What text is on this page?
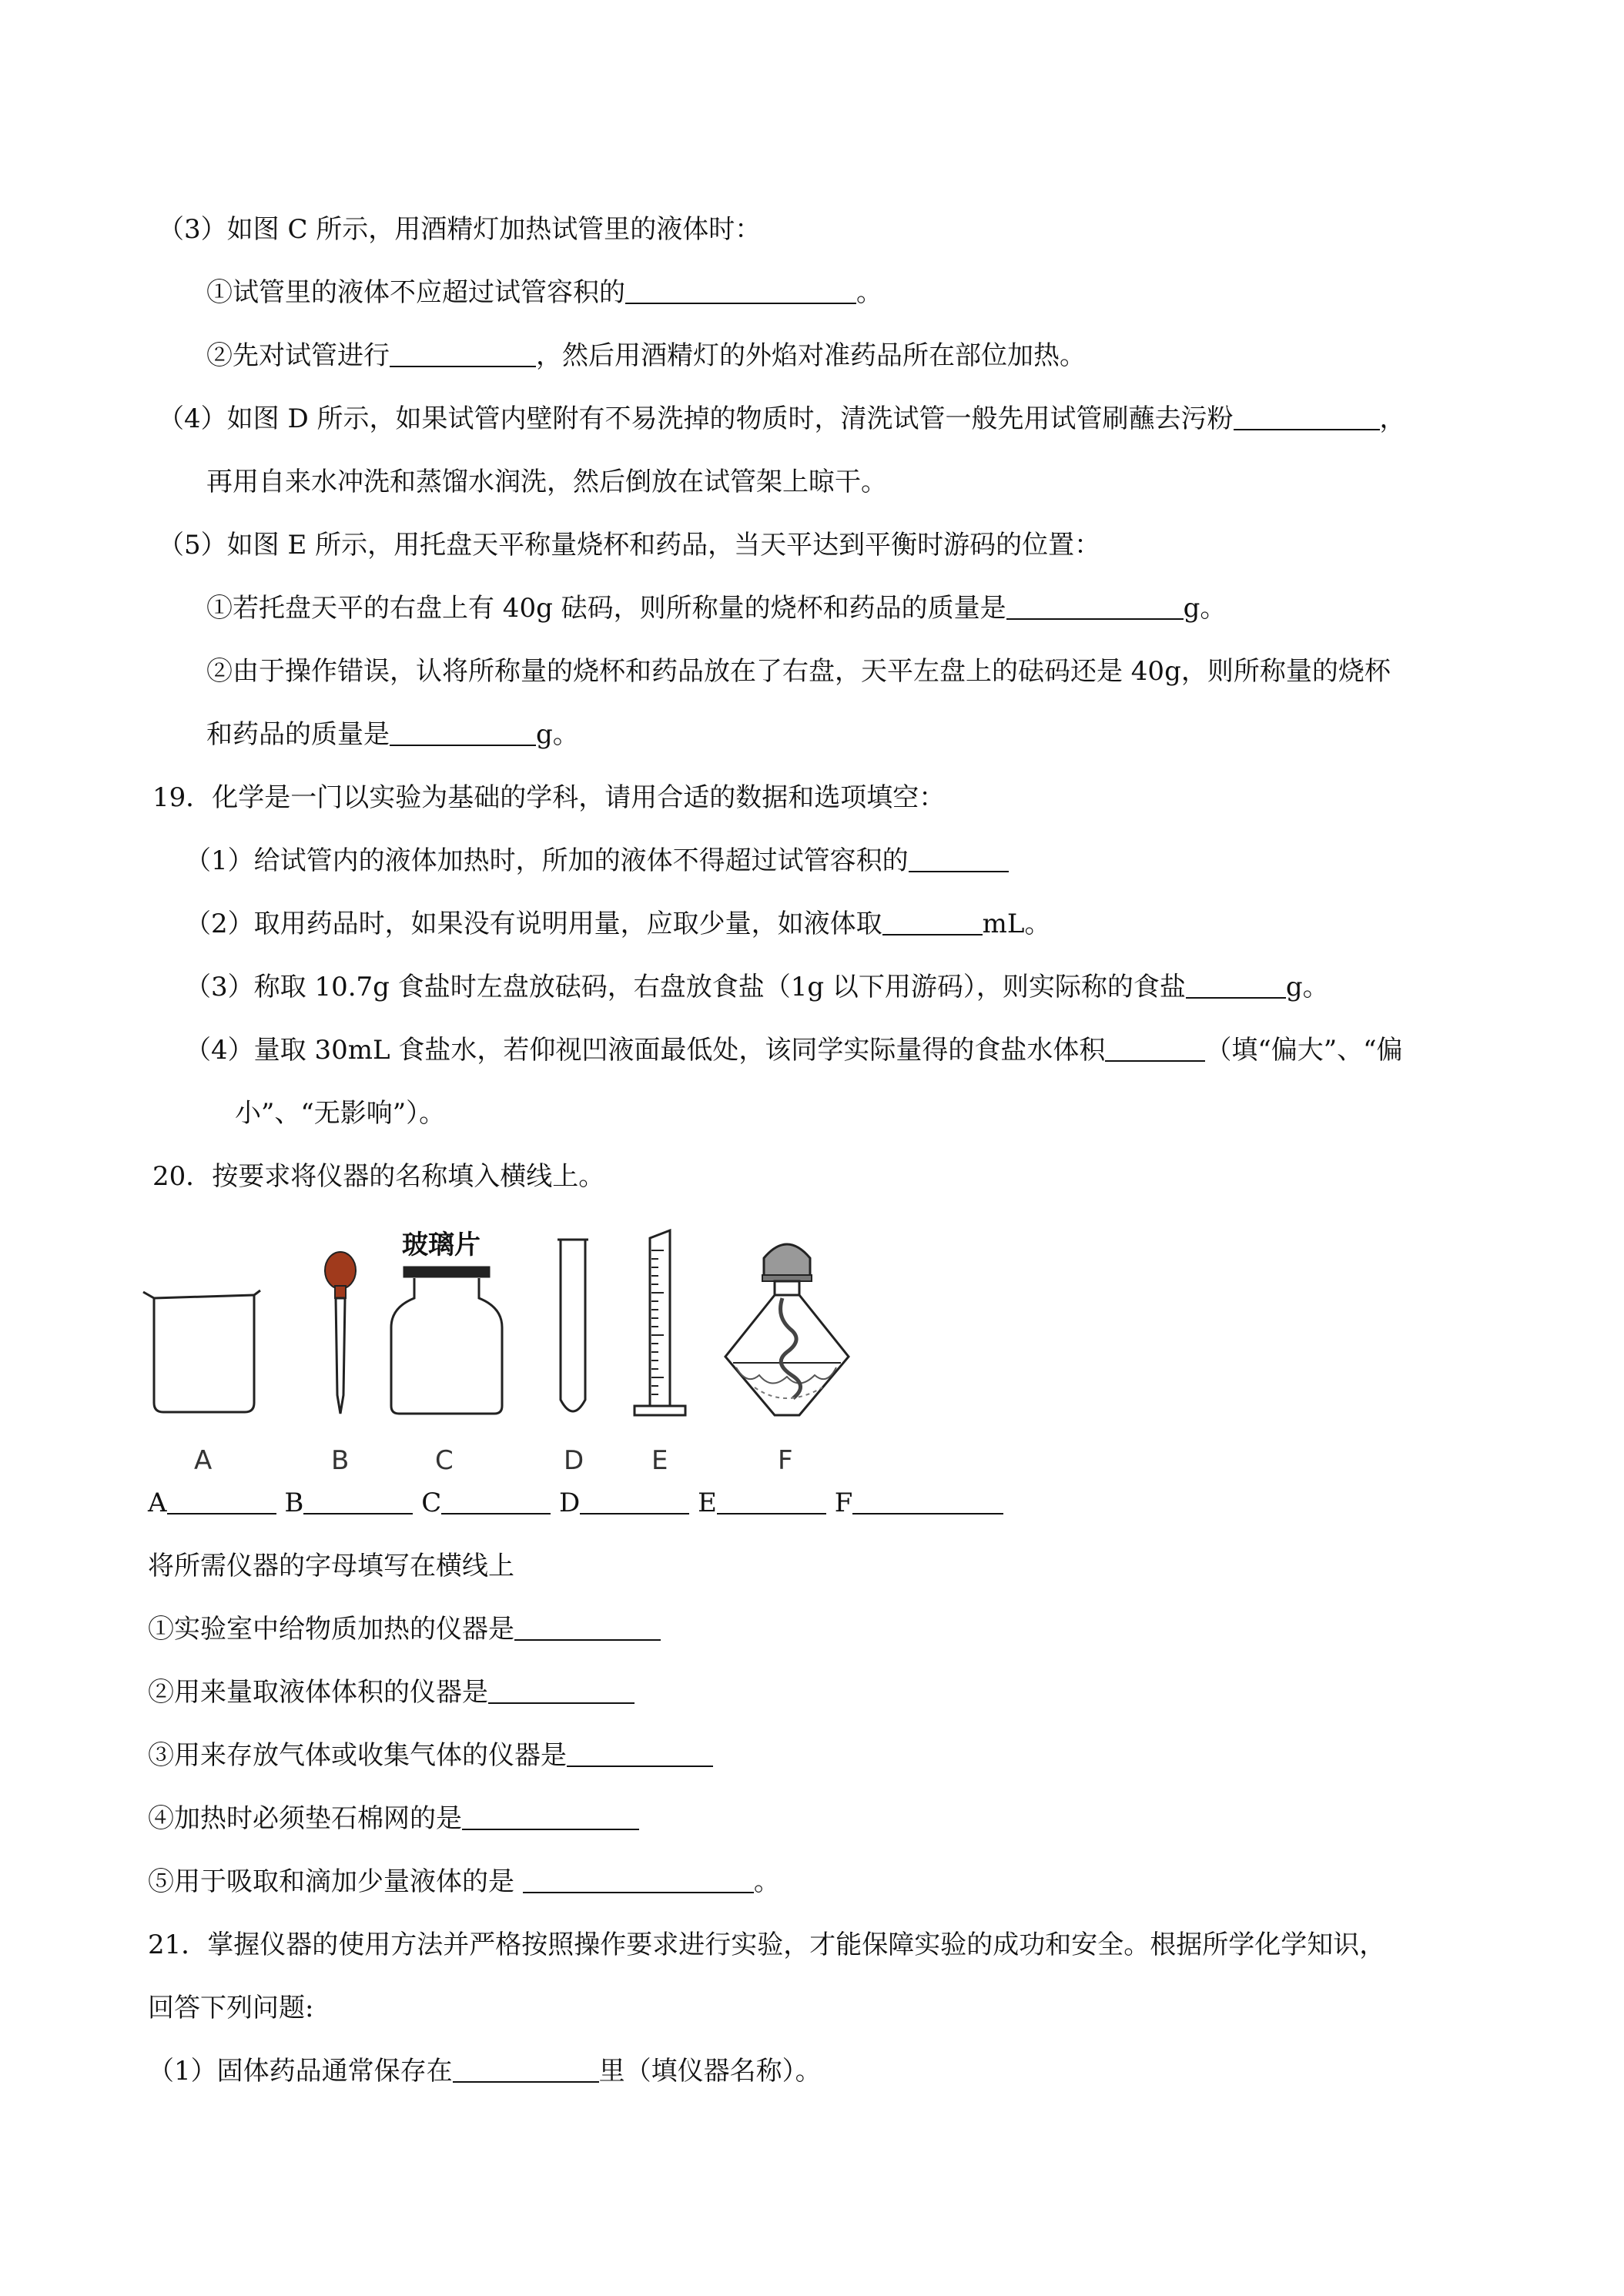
（3）如图 C 所示，用酒精灯加热试管里的液体时：
①试管里的液体不应超过试管容积的	。
②先对试管进行	，然后用酒精灯的外焰对准药品所在部位加热。
（4）如图 D 所示，如果试管内壁附有不易洗掉的物质时，清洗试管一般先用试管刷蘸去污粉	，
再用自来水冲洗和蒸馏水润洗，然后倒放在试管架上晾干。
（5）如图 E 所示，用托盘天平称量烧杯和药品，当天平达到平衡时游码的位置：
①若托盘天平的右盘上有 40g 砝码，则所称量的烧杯和药品的质量是	g。
②由于操作错误，认将所称量的烧杯和药品放在了右盘，天平左盘上的砝码还是 40g，则所称量的烧杯
和药品的质量是	g。
19．化学是一门以实验为基础的学科，请用合适的数据和选项填空：
（1）给试管内的液体加热时，所加的液体不得超过试管容积的
（2）取用药品时，如果没有说明用量，应取少量，如液体取	mL。
（3）称取 10.7g 食盐时左盘放砝码，右盘放食盐（1g 以下用游码），则实际称的食盐	g。
（4）量取 30mL 食盐水，若仰视凹液面最低处，该同学实际量得的食盐水体积	（填“偏大”、“偏
小”、“无影响”）。
20．按要求将仪器的名称填入横线上。
玻璃片
A	B	C	D	E	F
A	B	C	D	E	F
将所需仪器的字母填写在横线上
①实验室中给物质加热的仪器是
②用来量取液体体积的仪器是
③用来存放气体或收集气体的仪器是
④加热时必须垫石棉网的是
⑤用于吸取和滴加少量液体的是	。
21．掌握仪器的使用方法并严格按照操作要求进行实验，才能保障实验的成功和安全。根据所学化学知识，
回答下列问题:
（1）固体药品通常保存在	里（填仪器名称）。
